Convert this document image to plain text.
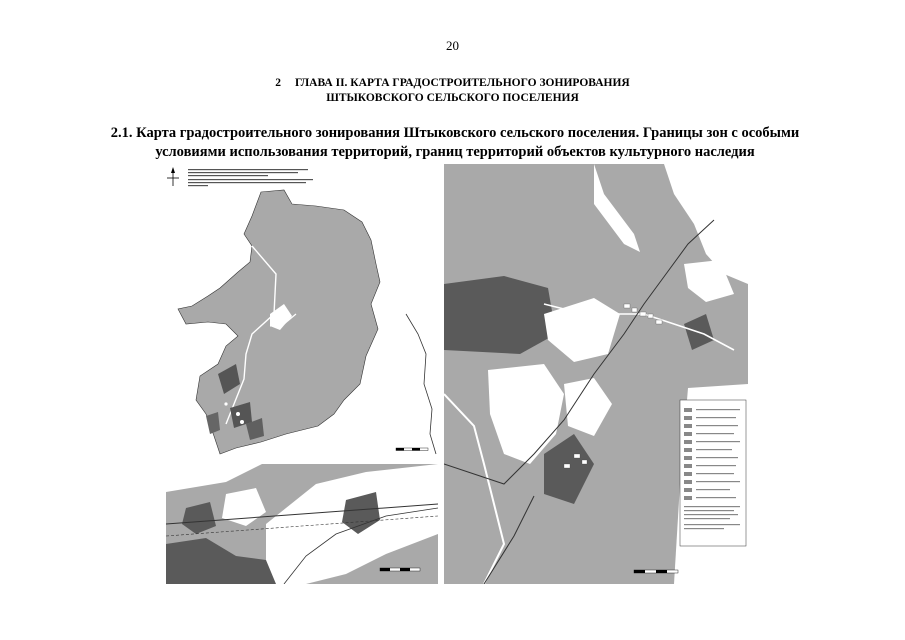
20
2 ГЛАВА II. КАРТА ГРАДОСТРОИТЕЛЬНОГО ЗОНИРОВАНИЯ
ШТЫКОВСКОГО СЕЛЬСКОГО ПОСЕЛЕНИЯ
2.1. Карта градостроительного зонирования Штыковского сельского поселения. Границы зон с особыми
условиями использования территорий, границ территорий объектов культурного наследия
